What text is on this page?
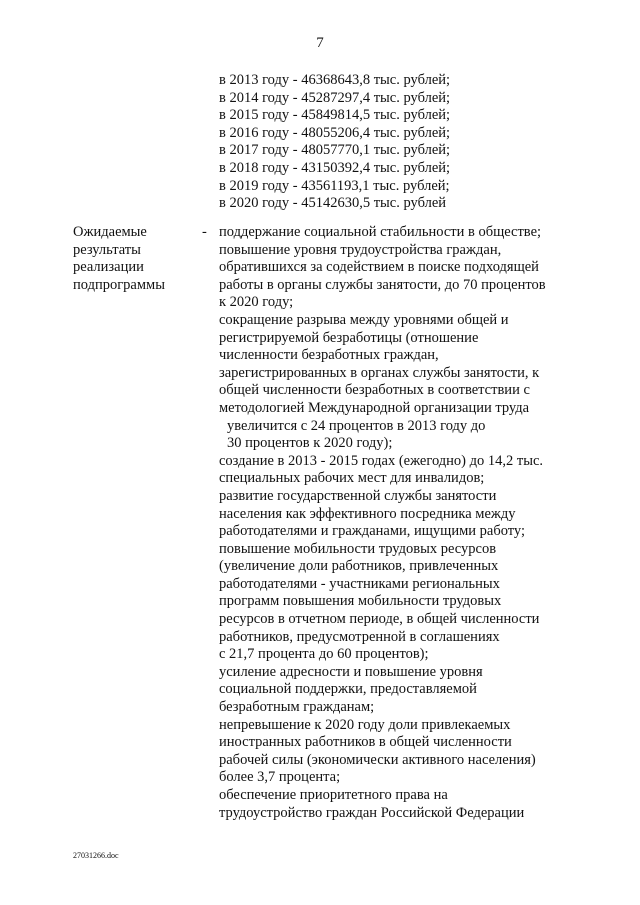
7
в 2013 году - 46368643,8 тыс. рублей;
в 2014 году - 45287297,4 тыс. рублей;
в 2015 году - 45849814,5 тыс. рублей;
в 2016 году - 48055206,4 тыс. рублей;
в 2017 году - 48057770,1 тыс. рублей;
в 2018 году - 43150392,4 тыс. рублей;
в 2019 году - 43561193,1 тыс. рублей;
в 2020 году - 45142630,5 тыс. рублей
Ожидаемые
результаты
реализации
подпрограммы
- поддержание социальной стабильности в обществе;
повышение уровня трудоустройства граждан,
обратившихся за содействием в поиске подходящей
работы в органы службы занятости, до 70 процентов
к 2020 году;
сокращение разрыва между уровнями общей и
регистрируемой безработицы (отношение
численности безработных граждан,
зарегистрированных в органах службы занятости, к
общей численности безработных в соответствии с
методологией Международной организации труда
увеличится с 24 процентов в 2013 году до
30 процентов к 2020 году);
создание в 2013 - 2015 годах (ежегодно) до 14,2 тыс.
специальных рабочих мест для инвалидов;
развитие государственной службы занятости
населения как эффективного посредника между
работодателями и гражданами, ищущими работу;
повышение мобильности трудовых ресурсов
(увеличение доли работников, привлеченных
работодателями - участниками региональных
программ повышения мобильности трудовых
ресурсов в отчетном периоде, в общей численности
работников, предусмотренной в соглашениях
с 21,7 процента до 60 процентов);
усиление адресности и повышение уровня
социальной поддержки, предоставляемой
безработным гражданам;
непревышение к 2020 году доли привлекаемых
иностранных работников в общей численности
рабочей силы (экономически активного населения)
более 3,7 процента;
обеспечение приоритетного права на
трудоустройство граждан Российской Федерации
27031266.doc
